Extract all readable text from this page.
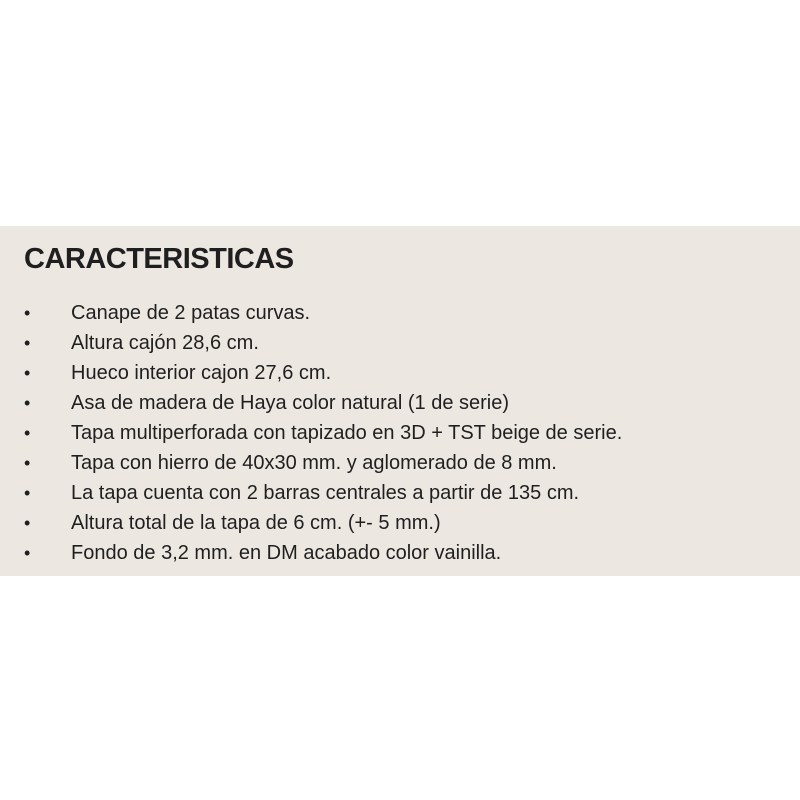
CARACTERISTICAS
• Canape de 2 patas curvas.
• Altura cajón 28,6 cm.
• Hueco interior cajon 27,6 cm.
• Asa de madera de Haya color natural (1 de serie)
• Tapa multiperforada con tapizado en 3D + TST beige de serie.
• Tapa con hierro de 40x30 mm. y aglomerado de 8 mm.
• La tapa cuenta con 2 barras centrales a partir de 135 cm.
• Altura total de la tapa de 6 cm. (+- 5 mm.)
• Fondo de 3,2 mm. en DM acabado color vainilla.
